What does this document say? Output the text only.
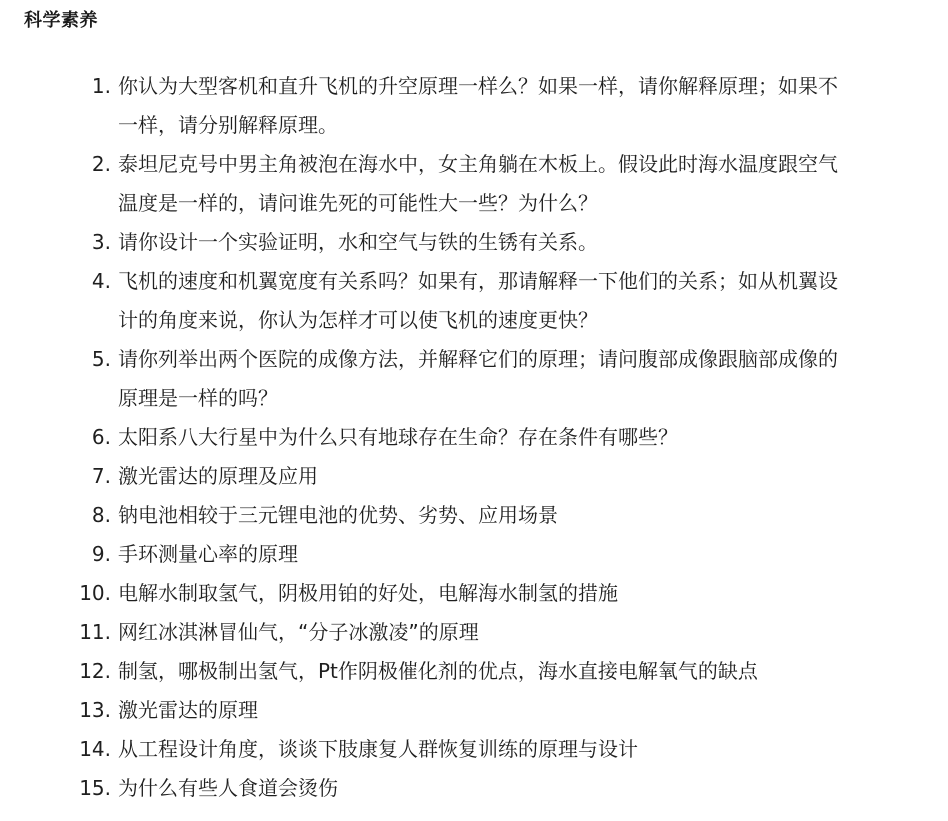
科学素养
1. 你认为大型客机和直升飞机的升空原理一样么？如果一样，请你解释原理；如果不
一样，请分别解释原理。
2. 泰坦尼克号中男主角被泡在海水中，女主角躺在木板上。假设此时海水温度跟空气
温度是一样的，请问谁先死的可能性大一些？为什么？
3. 请你设计一个实验证明，水和空气与铁的生锈有关系。
4. 飞机的速度和机翼宽度有关系吗？如果有，那请解释一下他们的关系；如从机翼设
计的角度来说，你认为怎样才可以使飞机的速度更快？
5. 请你列举出两个医院的成像方法，并解释它们的原理；请问腹部成像跟脑部成像的
原理是一样的吗？
6. 太阳系八大行星中为什么只有地球存在生命？存在条件有哪些？
7. 激光雷达的原理及应用
8. 钠电池相较于三元锂电池的优势、劣势、应用场景
9. 手环测量心率的原理
10. 电解水制取氢气，阴极用铂的好处，电解海水制氢的措施
11. 网红冰淇淋冒仙气，“分子冰激凌”的原理
12. 制氢，哪极制出氢气，Pt作阴极催化剂的优点，海水直接电解氧气的缺点
13. 激光雷达的原理
14. 从工程设计角度，谈谈下肢康复人群恢复训练的原理与设计
15. 为什么有些人食道会烫伤
